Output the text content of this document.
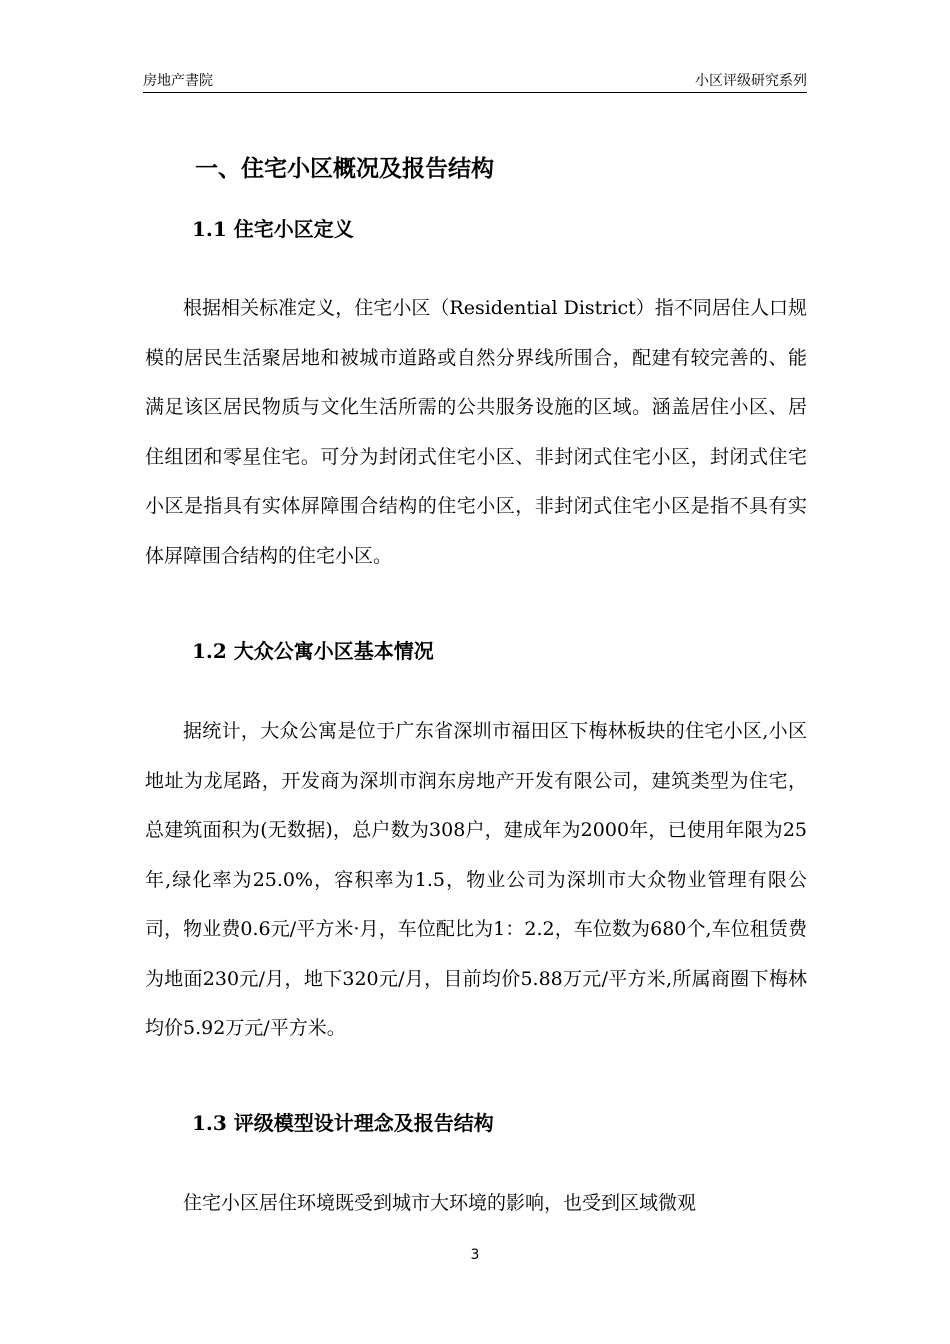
房地产書院	小区评级研究系列
一、住宅小区概况及报告结构
1.1 住宅小区定义

根据相关标准定义，住宅小区（Residential District）指不同居住人口规模的居民生活聚居地和被城市道路或自然分界线所围合，配建有较完善的、能满足该区居民物质与文化生活所需的公共服务设施的区域。涵盖居住小区、居住组团和零星住宅。可分为封闭式住宅小区、非封闭式住宅小区，封闭式住宅小区是指具有实体屏障围合结构的住宅小区，非封闭式住宅小区是指不具有实体屏障围合结构的住宅小区。

1.2 大众公寓小区基本情况

据统计，大众公寓是位于广东省深圳市福田区下梅林板块的住宅小区,小区地址为龙尾路，开发商为深圳市润东房地产开发有限公司，建筑类型为住宅，总建筑面积为(无数据)，总户数为308户，建成年为2000年，已使用年限为25年,绿化率为25.0%，容积率为1.5，物业公司为深圳市大众物业管理有限公司，物业费0.6元/平方米·月，车位配比为1：2.2，车位数为680个,车位租赁费为地面230元/月，地下320元/月，目前均价5.88万元/平方米,所属商圈下梅林均价5.92万元/平方米。

1.3 评级模型设计理念及报告结构

住宅小区居住环境既受到城市大环境的影响，也受到区域微观

3
